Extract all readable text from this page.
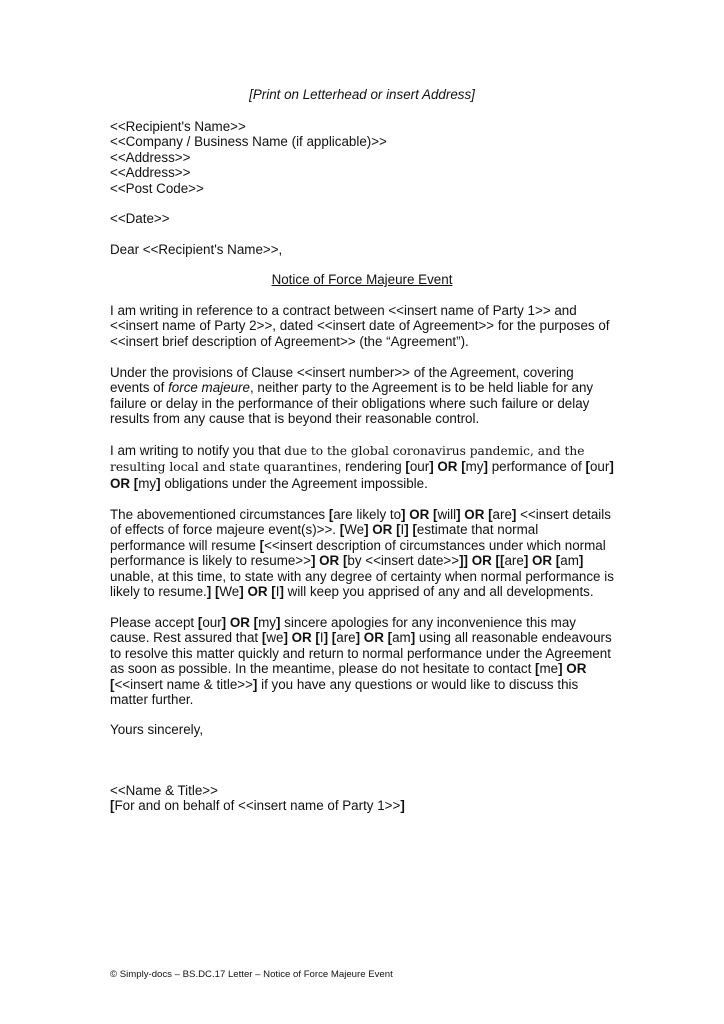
[Print on Letterhead or insert Address]
<<Recipient's Name>>
<<Company / Business Name (if applicable)>>
<<Address>>
<<Address>>
<<Post Code>>
<<Date>>
Dear <<Recipient's Name>>,
Notice of Force Majeure Event
I am writing in reference to a contract between <<insert name of Party 1>> and
<<insert name of Party 2>>, dated <<insert date of Agreement>> for the purposes of
<<insert brief description of Agreement>> (the “Agreement”).
Under the provisions of Clause <<insert number>> of the Agreement, covering
events of force majeure, neither party to the Agreement is to be held liable for any
failure or delay in the performance of their obligations where such failure or delay
results from any cause that is beyond their reasonable control.
I am writing to notify you that due to the global coronavirus pandemic, and the
resulting local and state quarantines, rendering [our] OR [my] performance of [our]
OR [my] obligations under the Agreement impossible.
The abovementioned circumstances [are likely to] OR [will] OR [are] <<insert details
of effects of force majeure event(s)>>. [We] OR [I] [estimate that normal
performance will resume [<<insert description of circumstances under which normal
performance is likely to resume>>] OR [by <<insert date>>]] OR [[are] OR [am]
unable, at this time, to state with any degree of certainty when normal performance is
likely to resume.] [We] OR [I] will keep you apprised of any and all developments.
Please accept [our] OR [my] sincere apologies for any inconvenience this may
cause. Rest assured that [we] OR [I] [are] OR [am] using all reasonable endeavours
to resolve this matter quickly and return to normal performance under the Agreement
as soon as possible. In the meantime, please do not hesitate to contact [me] OR
[<<insert name & title>>] if you have any questions or would like to discuss this
matter further.
Yours sincerely,
<<Name & Title>>
[For and on behalf of <<insert name of Party 1>>]
© Simply-docs – BS.DC.17 Letter – Notice of Force Majeure Event
